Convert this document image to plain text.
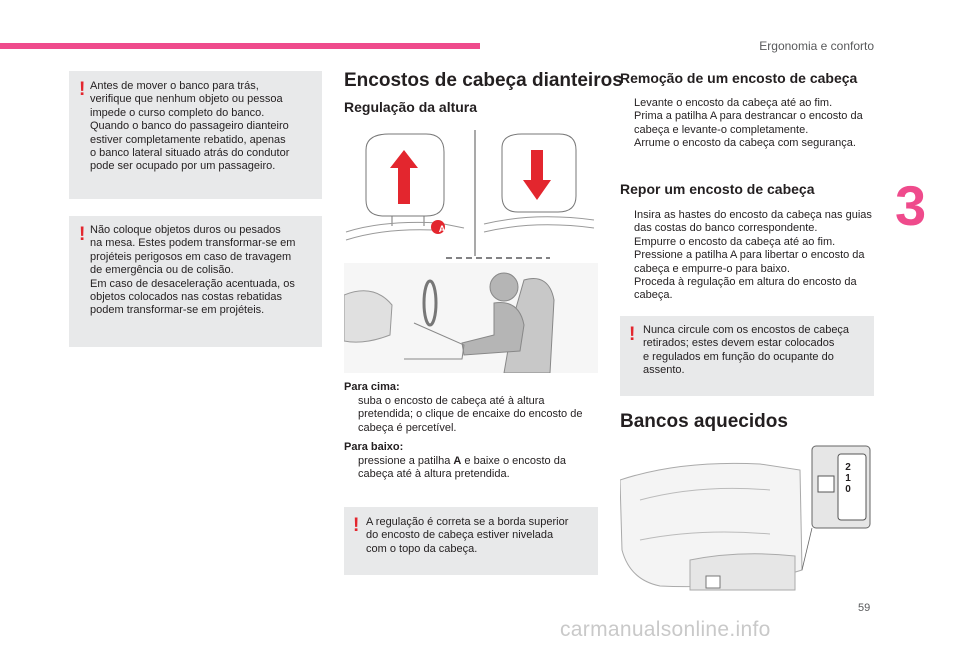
Ergonomia e conforto
3
59
carmanualsonline.info
! Antes de mover o banco para trás,
verifique que nenhum objeto ou pessoa
impede o curso completo do banco.
Quando o banco do passageiro dianteiro
estiver completamente rebatido, apenas
o banco lateral situado atrás do condutor
pode ser ocupado por um passageiro.
! Não coloque objetos duros ou pesados
na mesa. Estes podem transformar-se em
projéteis perigosos em caso de travagem
de emergência ou de colisão.
Em caso de desaceleração acentuada, os
objetos colocados nas costas rebatidas
podem transformar-se em projéteis.
Encostos de cabeça dianteiros
Regulação da altura
A
Para cima:
suba o encosto de cabeça até à altura pretendida; o clique de encaixe do encosto de cabeça é percetível.
Para baixo:
pressione a patilha A e baixe o encosto da cabeça até à altura pretendida.
! A regulação é correta se a borda superior
do encosto de cabeça estiver nivelada
com o topo da cabeça.
Remoção de um encosto de cabeça
Levante o encosto da cabeça até ao fim.
Prima a patilha A para destrancar o encosto da cabeça e levante-o completamente.
Arrume o encosto da cabeça com segurança.
Repor um encosto de cabeça
Insira as hastes do encosto da cabeça nas guias das costas do banco correspondente.
Empurre o encosto da cabeça até ao fim.
Pressione a patilha A para libertar o encosto da cabeça e empurre-o para baixo.
Proceda à regulação em altura do encosto da cabeça.
! Nunca circule com os encostos de cabeça
retirados; estes devem estar colocados
e regulados em função do ocupante do
assento.
Bancos aquecidos
2
1
0
